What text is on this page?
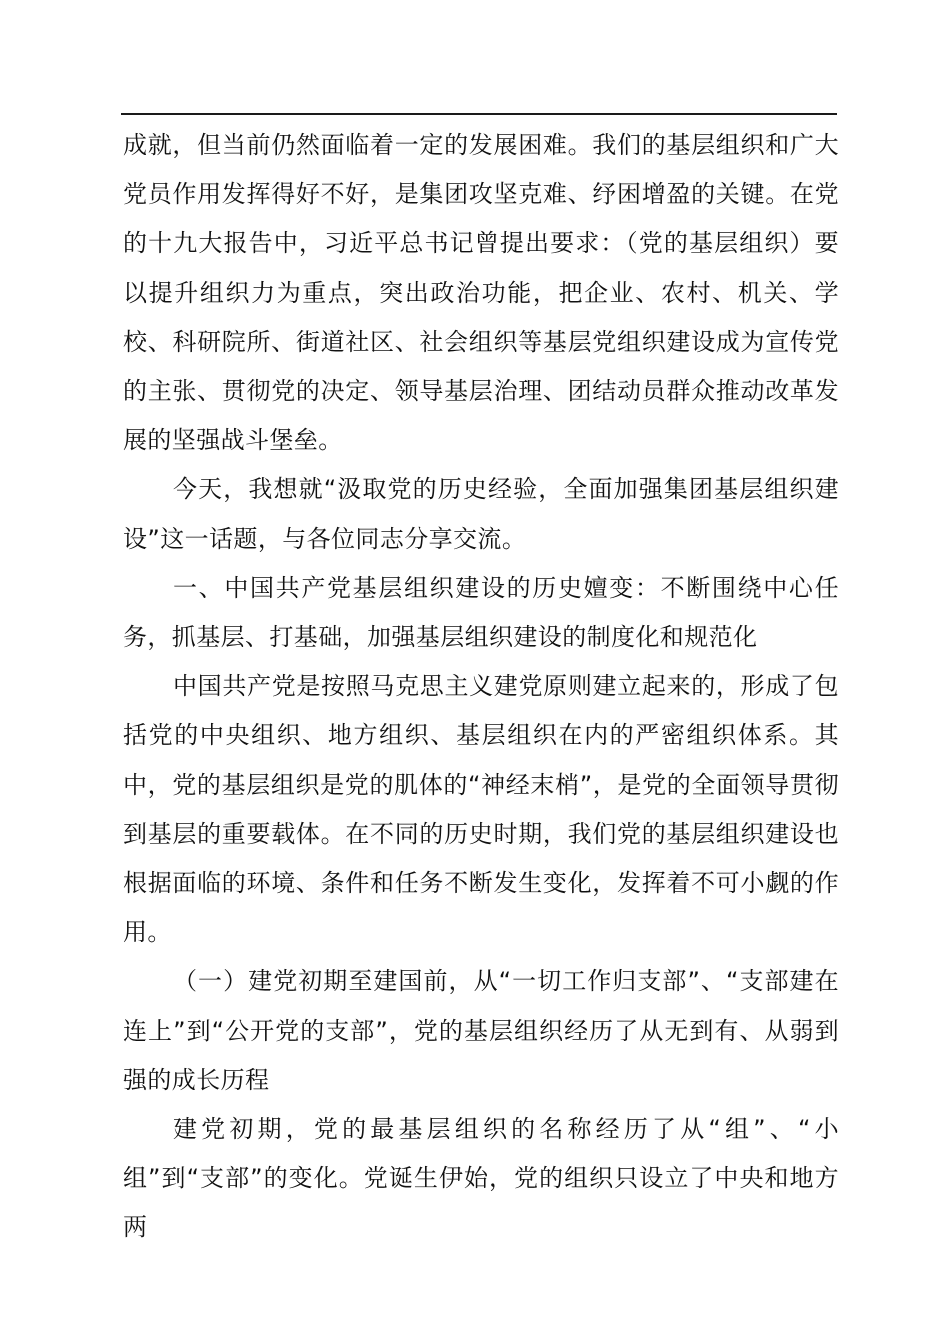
成就，但当前仍然面临着一定的发展困难。我们的基层组织和广大党员作用发挥得好不好，是集团攻坚克难、纾困增盈的关键。在党的十九大报告中，习近平总书记曾提出要求：（党的基层组织）要以提升组织力为重点，突出政治功能，把企业、农村、机关、学校、科研院所、街道社区、社会组织等基层党组织建设成为宣传党的主张、贯彻党的决定、领导基层治理、团结动员群众推动改革发展的坚强战斗堡垒。

今天，我想就“汲取党的历史经验，全面加强集团基层组织建设”这一话题，与各位同志分享交流。

一、中国共产党基层组织建设的历史嬗变：不断围绕中心任务，抓基层、打基础，加强基层组织建设的制度化和规范化

中国共产党是按照马克思主义建党原则建立起来的，形成了包括党的中央组织、地方组织、基层组织在内的严密组织体系。其中，党的基层组织是党的肌体的“神经末梢”，是党的全面领导贯彻到基层的重要载体。在不同的历史时期，我们党的基层组织建设也根据面临的环境、条件和任务不断发生变化，发挥着不可小觑的作用。

（一）建党初期至建国前，从“一切工作归支部”、“支部建在连上”到“公开党的支部”，党的基层组织经历了从无到有、从弱到强的成长历程

建党初期，党的最基层组织的名称经历了从“组”、“小组”到“支部”的变化。党诞生伊始，党的组织只设立了中央和地方两
